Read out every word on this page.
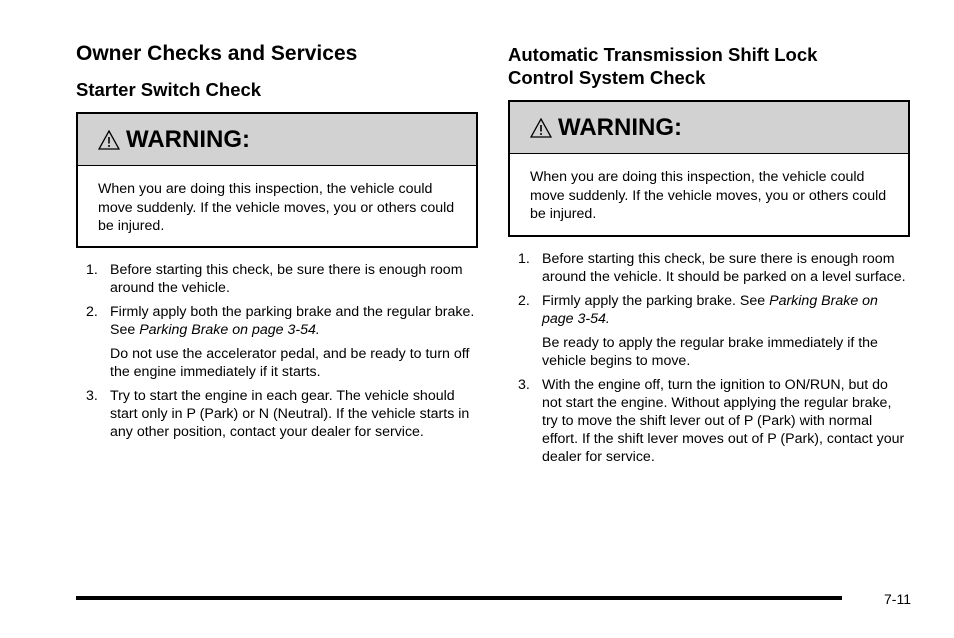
Owner Checks and Services
Starter Switch Check
WARNING:
When you are doing this inspection, the vehicle could move suddenly. If the vehicle moves, you or others could be injured.
1. Before starting this check, be sure there is enough room around the vehicle.
2. Firmly apply both the parking brake and the regular brake. See Parking Brake on page 3-54.
Do not use the accelerator pedal, and be ready to turn off the engine immediately if it starts.
3. Try to start the engine in each gear. The vehicle should start only in P (Park) or N (Neutral). If the vehicle starts in any other position, contact your dealer for service.
Automatic Transmission Shift Lock
Control System Check
WARNING:
When you are doing this inspection, the vehicle could move suddenly. If the vehicle moves, you or others could be injured.
1. Before starting this check, be sure there is enough room around the vehicle. It should be parked on a level surface.
2. Firmly apply the parking brake. See Parking Brake on page 3-54.
Be ready to apply the regular brake immediately if the vehicle begins to move.
3. With the engine off, turn the ignition to ON/RUN, but do not start the engine. Without applying the regular brake, try to move the shift lever out of P (Park) with normal effort. If the shift lever moves out of P (Park), contact your dealer for service.
7-11
